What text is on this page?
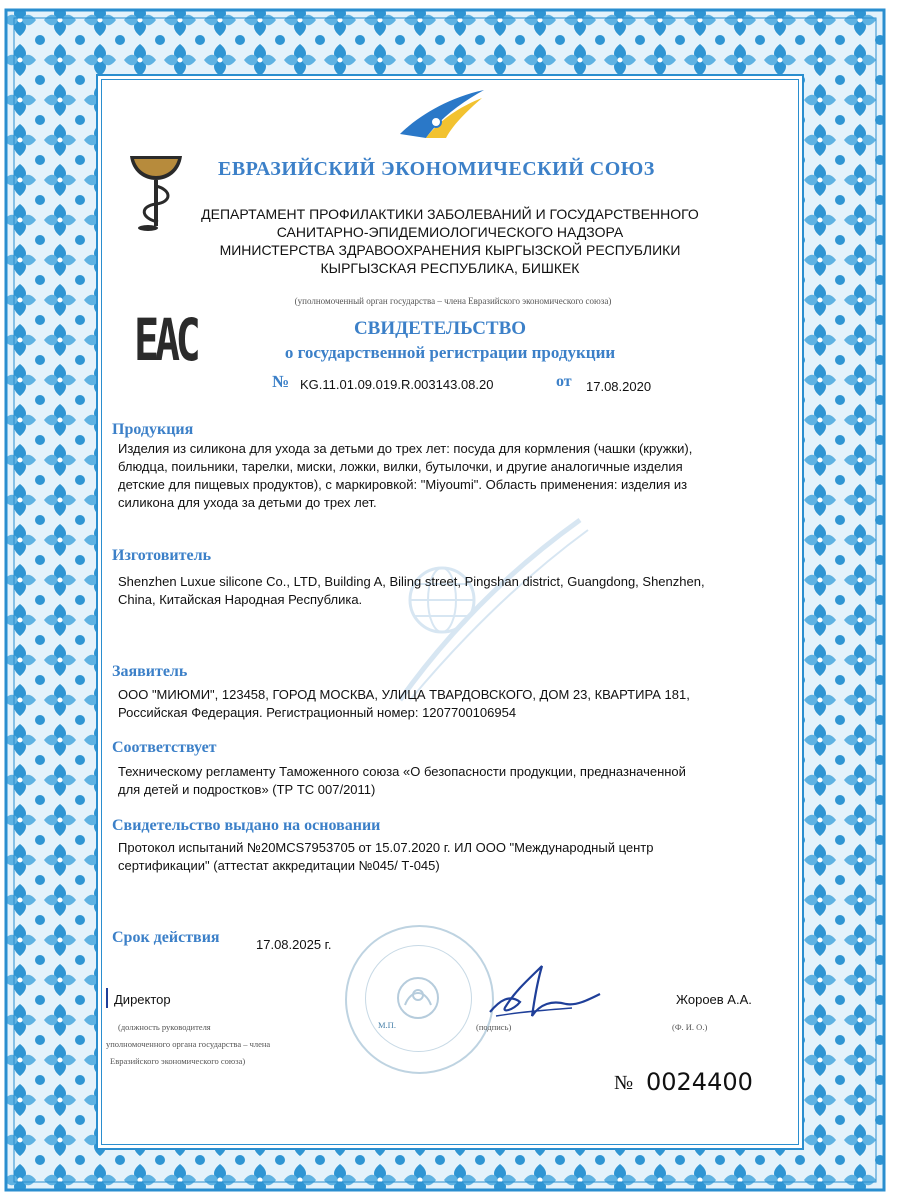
ЕВРАЗИЙСКИЙ ЭКОНОМИЧЕСКИЙ СОЮЗ
ДЕПАРТАМЕНТ ПРОФИЛАКТИКИ ЗАБОЛЕВАНИЙ И ГОСУДАРСТВЕННОГО
САНИТАРНО-ЭПИДЕМИОЛОГИЧЕСКОГО НАДЗОРА
МИНИСТЕРСТВА ЗДРАВООХРАНЕНИЯ КЫРГЫЗСКОЙ РЕСПУБЛИКИ
КЫРГЫЗСКАЯ РЕСПУБЛИКА, БИШКЕК
(уполномоченный орган государства – члена Евразийского экономического союза)
EAC	СВИДЕТЕЛЬСТВО
о государственной регистрации продукции
№ KG.11.01.09.019.R.003143.08.20	от 17.08.2020
Продукция
Изделия из силикона для ухода за детьми до трех лет: посуда для кормления (чашки (кружки),
блюдца, поильники, тарелки, миски, ложки, вилки, бутылочки, и другие аналогичные изделия
детские для пищевых продуктов), с маркировкой: "Miyoumi". Область применения: изделия из
силикона для ухода за детьми до трех лет.
Изготовитель
Shenzhen Luxue silicone Co., LTD, Building A, Biling street, Pingshan district, Guangdong, Shenzhen,
China, Китайская Народная Республика.
Заявитель
ООО "МИЮМИ", 123458, ГОРОД МОСКВА, УЛИЦА ТВАРДОВСКОГО, ДОМ 23, КВАРТИРА 181,
Российская Федерация. Регистрационный номер: 1207700106954
Соответствует
Техническому регламенту Таможенного союза «О безопасности продукции, предназначенной
для детей и подростков» (ТР ТС 007/2011)
Свидетельство выдано на основании
Протокол испытаний №20MCS7953705 от 15.07.2020 г. ИЛ ООО "Международный центр
сертификации" (аттестат аккредитации №045/ Т-045)
Срок действия	17.08.2025 г.
Директор	Жороев А.А.
(должность руководителя
уполномоченного органа государства – члена
Евразийского экономического союза)
М.П.	(подпись)	(Ф. И. О.)
№ 0024400
